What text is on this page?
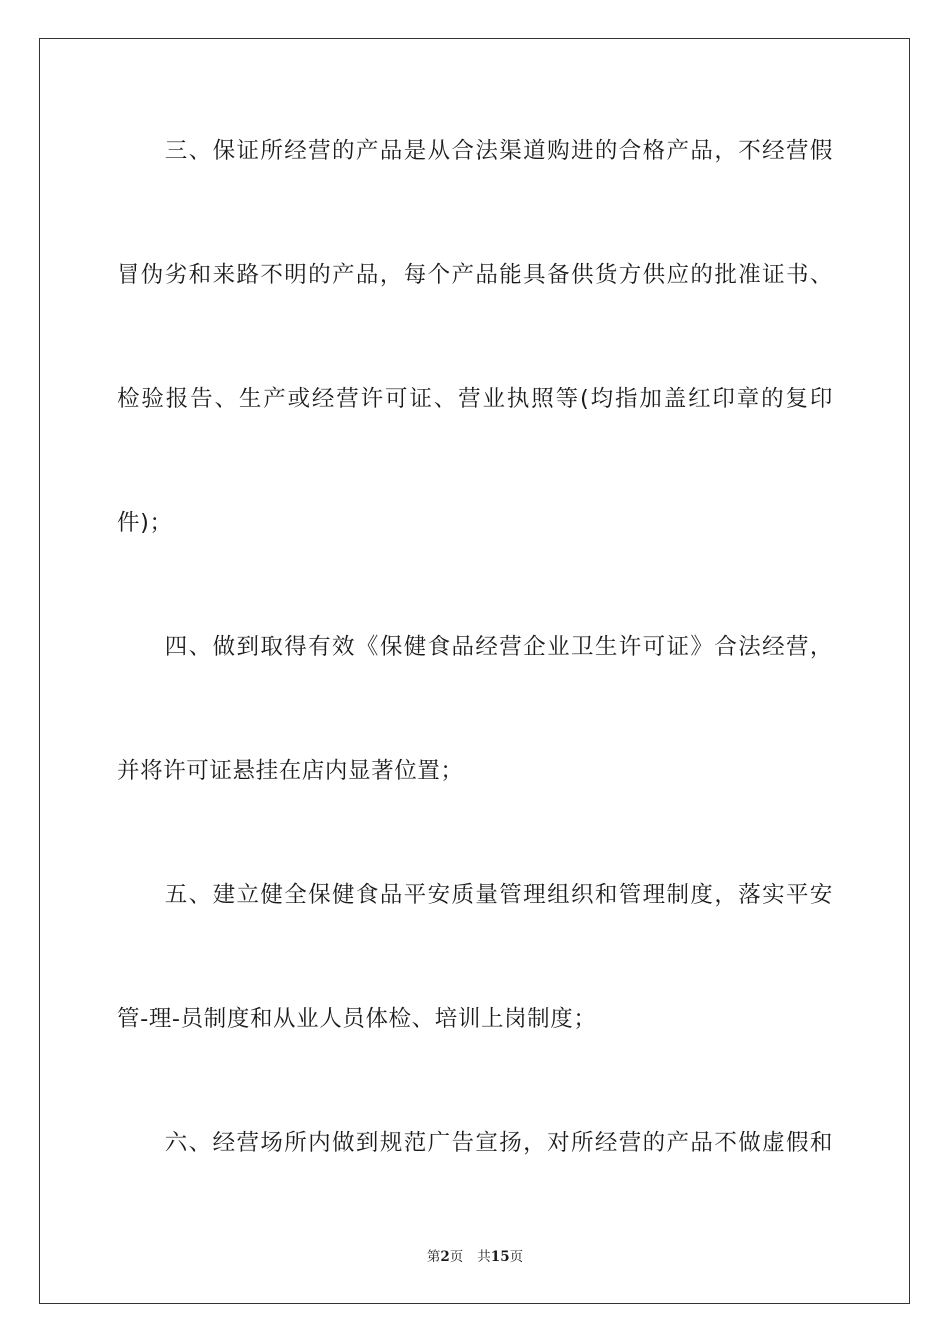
　　三、保证所经营的产品是从合法渠道购进的合格产品，不经营假

冒伪劣和来路不明的产品，每个产品能具备供货方供应的批准证书、

检验报告、生产或经营许可证、营业执照等(均指加盖红印章的复印

件)；

　　四、做到取得有效《保健食品经营企业卫生许可证》合法经营，

并将许可证悬挂在店内显著位置；

　　五、建立健全保健食品平安质量管理组织和管理制度，落实平安

管-理-员制度和从业人员体检、培训上岗制度；

　　六、经营场所内做到规范广告宣扬，对所经营的产品不做虚假和

第2页 共15页
